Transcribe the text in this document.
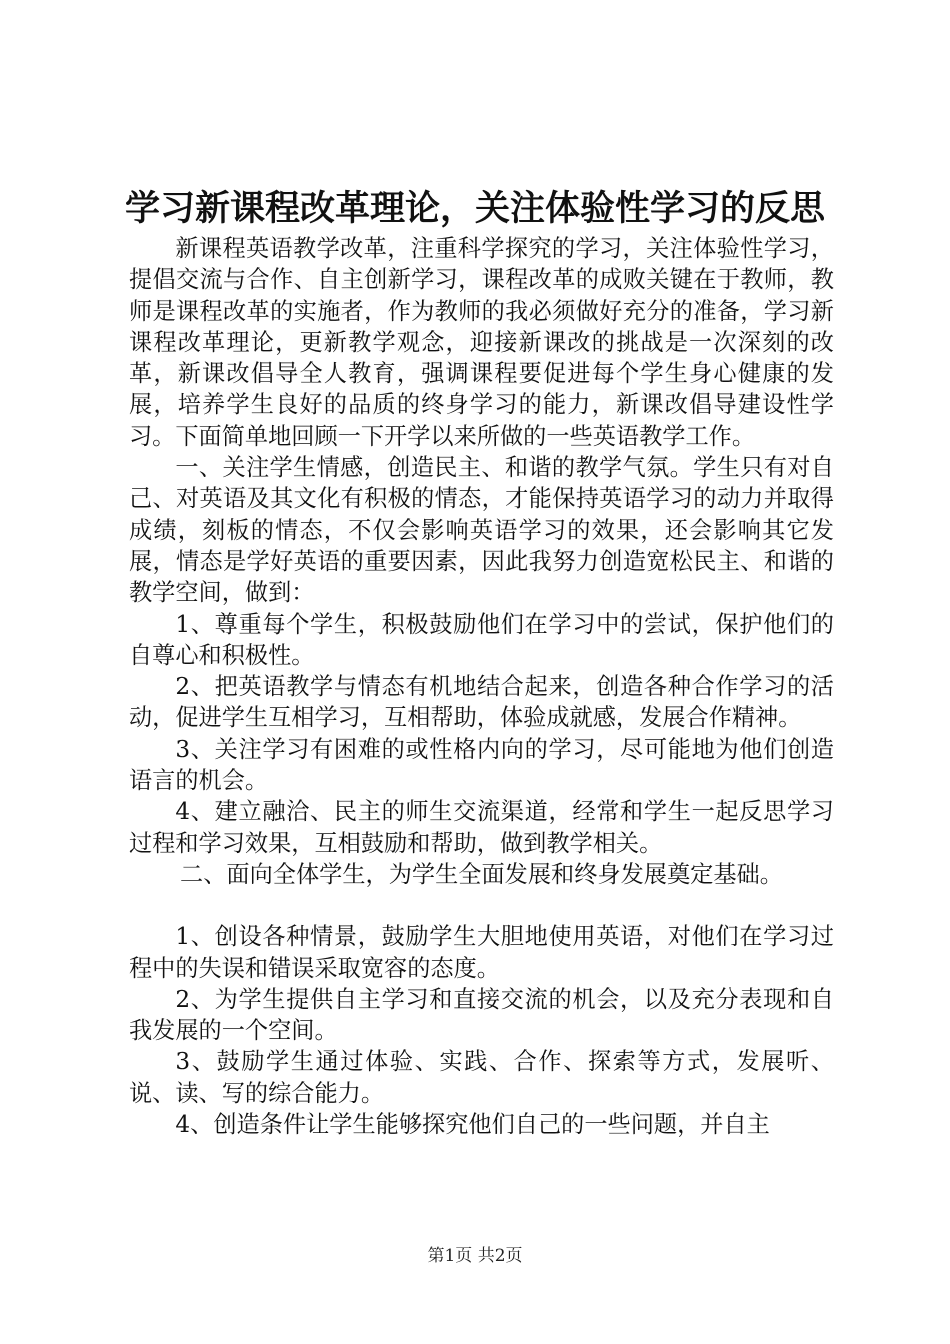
学习新课程改革理论，关注体验性学习的反思

新课程英语教学改革，注重科学探究的学习，关注体验性学习，提倡交流与合作、自主创新学习，课程改革的成败关键在于教师，教师是课程改革的实施者，作为教师的我必须做好充分的准备，学习新课程改革理论，更新教学观念，迎接新课改的挑战是一次深刻的改革，新课改倡导全人教育，强调课程要促进每个学生身心健康的发展，培养学生良好的品质的终身学习的能力，新课改倡导建设性学习。下面简单地回顾一下开学以来所做的一些英语教学工作。

一、关注学生情感，创造民主、和谐的教学气氛。学生只有对自己、对英语及其文化有积极的情态，才能保持英语学习的动力并取得成绩，刻板的情态，不仅会影响英语学习的效果，还会影响其它发展，情态是学好英语的重要因素，因此我努力创造宽松民主、和谐的教学空间，做到：

1、尊重每个学生，积极鼓励他们在学习中的尝试，保护他们的自尊心和积极性。

2、把英语教学与情态有机地结合起来，创造各种合作学习的活动，促进学生互相学习，互相帮助，体验成就感，发展合作精神。

3、关注学习有困难的或性格内向的学习，尽可能地为他们创造语言的机会。

4、建立融洽、民主的师生交流渠道，经常和学生一起反思学习过程和学习效果，互相鼓励和帮助，做到教学相关。

二、面向全体学生，为学生全面发展和终身发展奠定基础。

1、创设各种情景，鼓励学生大胆地使用英语，对他们在学习过程中的失误和错误采取宽容的态度。

2、为学生提供自主学习和直接交流的机会，以及充分表现和自我发展的一个空间。

3、鼓励学生通过体验、实践、合作、探索等方式，发展听、说、读、写的综合能力。

4、创造条件让学生能够探究他们自己的一些问题，并自主

第1页 共2页
